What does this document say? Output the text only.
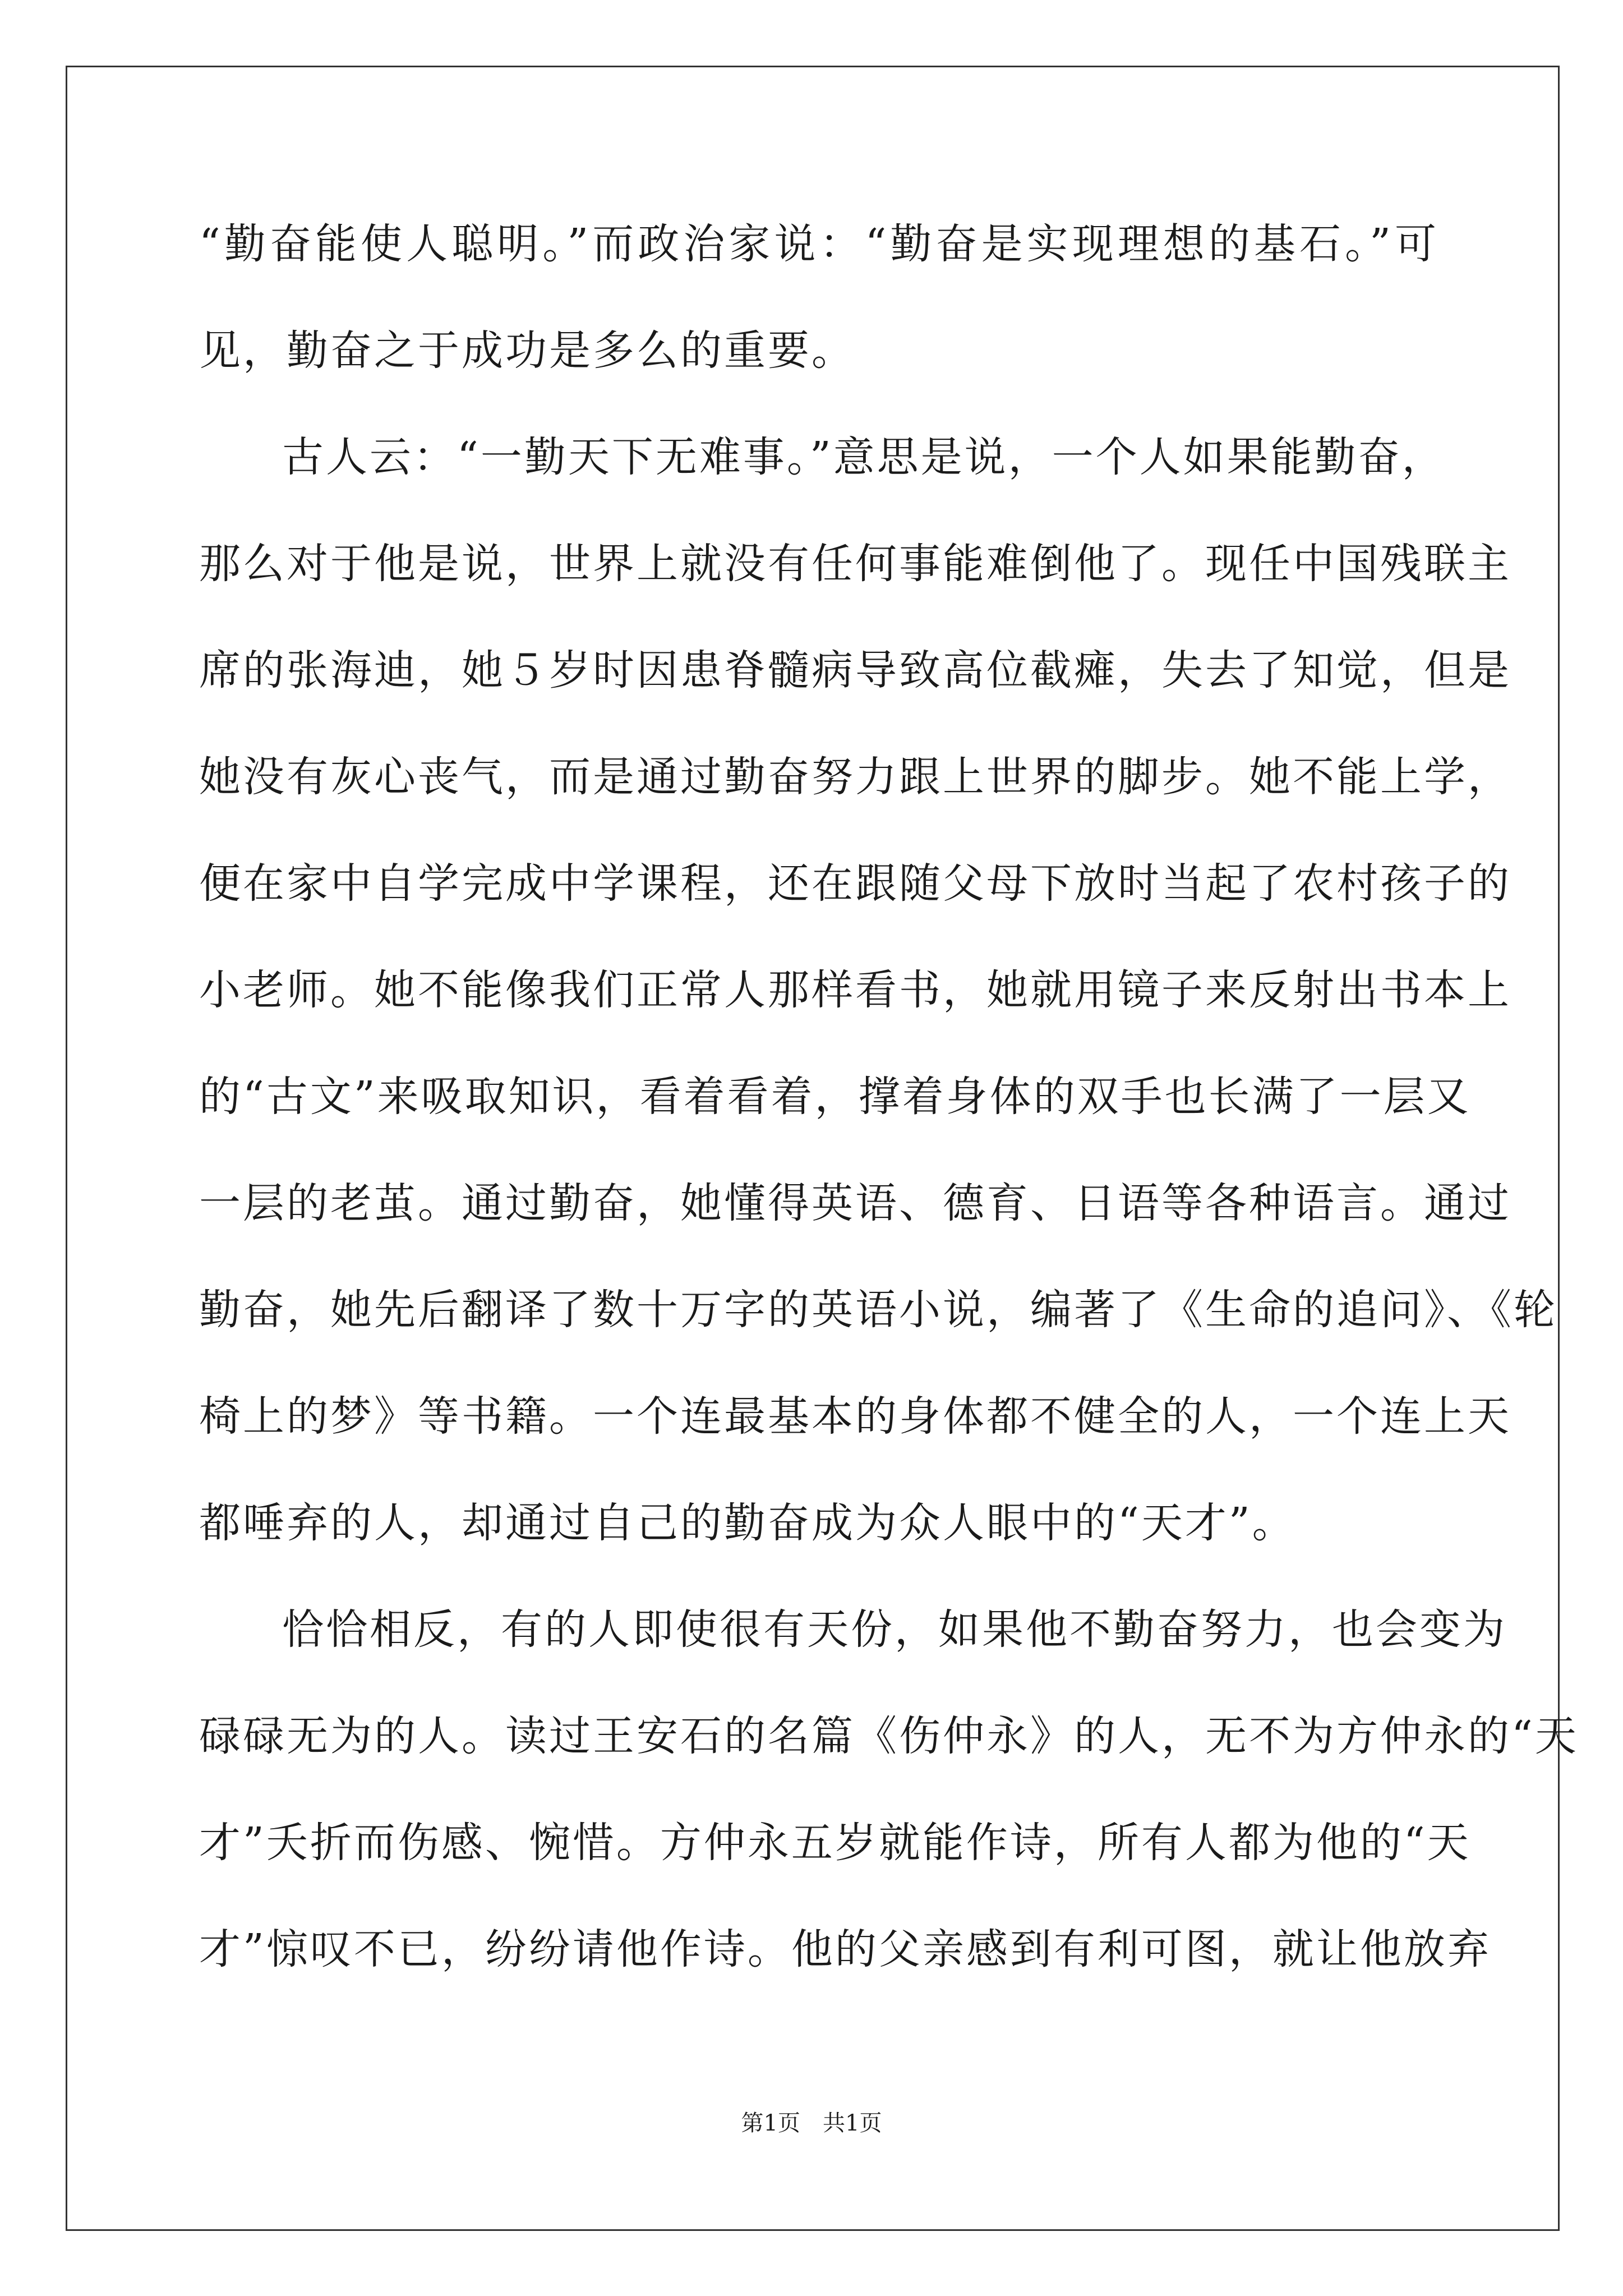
“勤奋能使人聪明。”而政治家说：“勤奋是实现理想的基石。”可
见，勤奋之于成功是多么的重要。
古人云：“一勤天下无难事。”意思是说，一个人如果能勤奋，
那么对于他是说，世界上就没有任何事能难倒他了。现任中国残联主
席的张海迪，她５岁时因患脊髓病导致高位截瘫，失去了知觉，但是
她没有灰心丧气，而是通过勤奋努力跟上世界的脚步。她不能上学，
便在家中自学完成中学课程，还在跟随父母下放时当起了农村孩子的
小老师。她不能像我们正常人那样看书，她就用镜子来反射出书本上
的“古文”来吸取知识，看着看着，撑着身体的双手也长满了一层又
一层的老茧。通过勤奋，她懂得英语、德育、日语等各种语言。通过
勤奋，她先后翻译了数十万字的英语小说，编著了《生命的追问》、《轮
椅上的梦》等书籍。一个连最基本的身体都不健全的人，一个连上天
都唾弃的人，却通过自己的勤奋成为众人眼中的“天才”。
恰恰相反，有的人即使很有天份，如果他不勤奋努力，也会变为
碌碌无为的人。读过王安石的名篇《伤仲永》的人，无不为方仲永的“天
才”夭折而伤感、惋惜。方仲永五岁就能作诗，所有人都为他的“天
才”惊叹不已，纷纷请他作诗。他的父亲感到有利可图，就让他放弃
第1页　共1页
